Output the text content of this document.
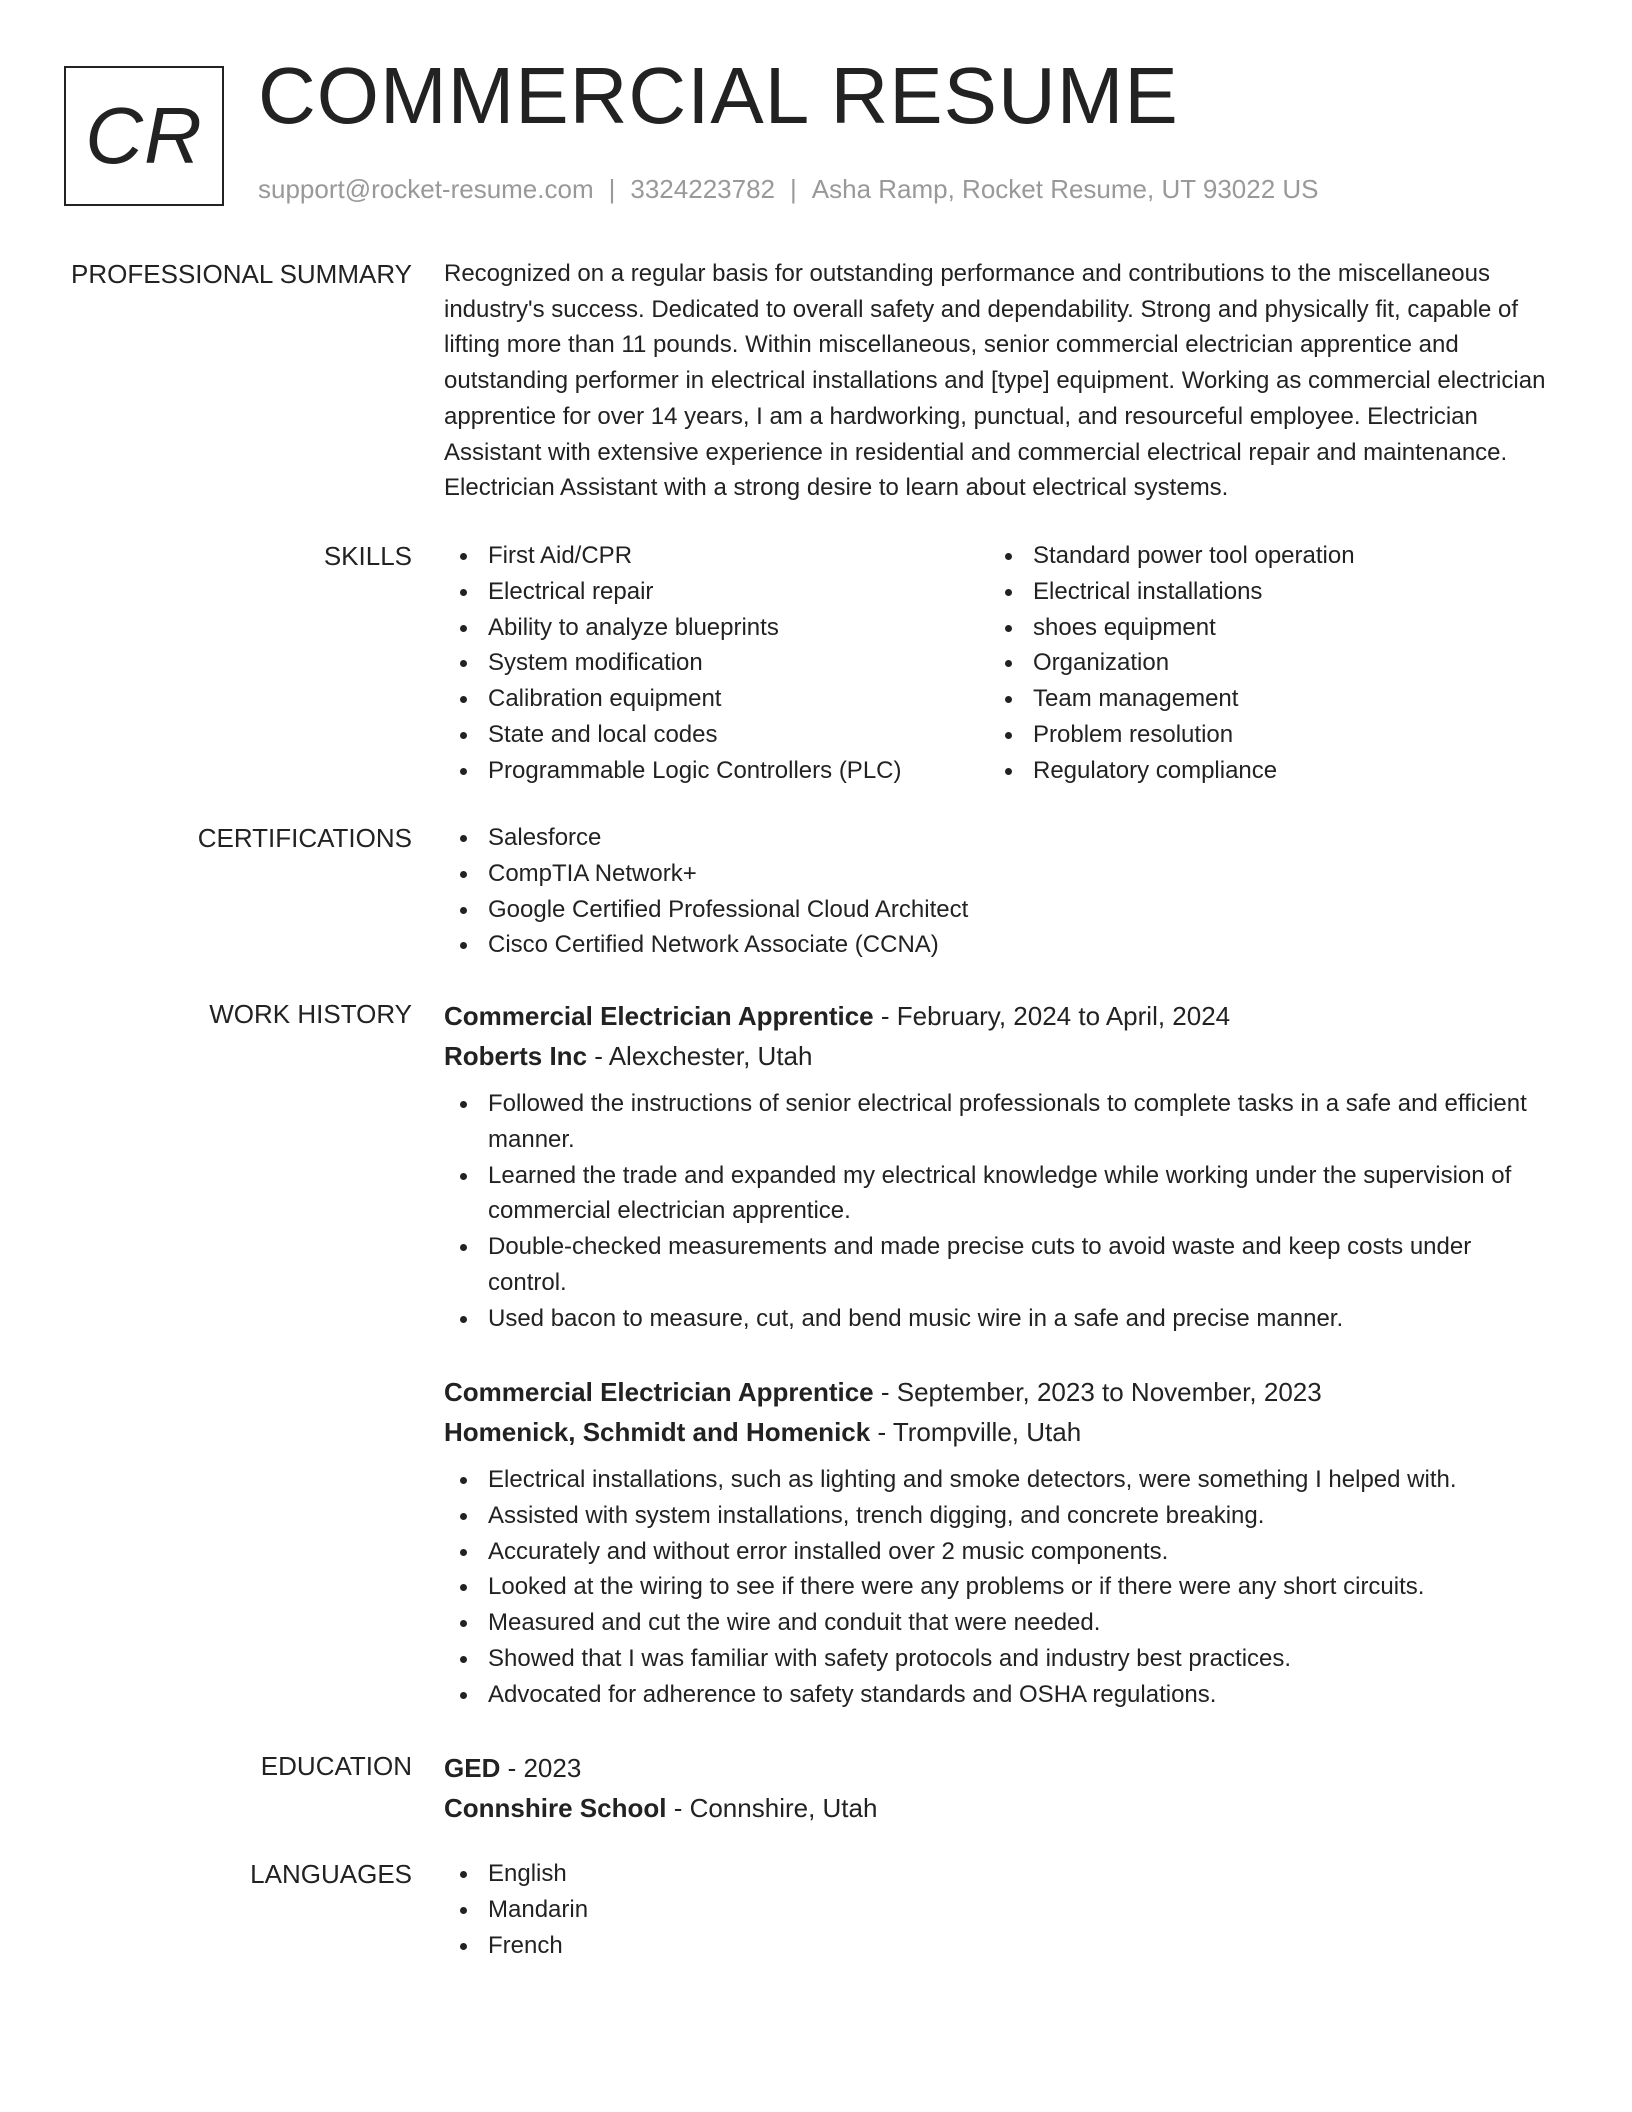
CR COMMERCIAL RESUME
support@rocket-resume.com | 3324223782 | Asha Ramp, Rocket Resume, UT 93022 US
PROFESSIONAL SUMMARY Recognized on a regular basis for outstanding performance and contributions to the miscellaneous industry's success. Dedicated to overall safety and dependability. Strong and physically fit, capable of lifting more than 11 pounds. Within miscellaneous, senior commercial electrician apprentice and outstanding performer in electrical installations and [type] equipment. Working as commercial electrician apprentice for over 14 years, I am a hardworking, punctual, and resourceful employee. Electrician Assistant with extensive experience in residential and commercial electrical repair and maintenance. Electrician Assistant with a strong desire to learn about electrical systems.

SKILLS	First Aid/CPR
Electrical repair
Ability to analyze blueprints
System modification
Calibration equipment
State and local codes
Programmable Logic Controllers (PLC)
Standard power tool operation
Electrical installations
shoes equipment
Organization
Team management
Problem resolution
Regulatory compliance
CERTIFICATIONS	Salesforce
CompTIA Network+
Google Certified Professional Cloud Architect
Cisco Certified Network Associate (CCNA)
WORK HISTORY Commercial Electrician Apprentice - February, 2024 to April, 2024
Roberts Inc - Alexchester, Utah
Followed the instructions of senior electrical professionals to complete tasks in a safe and efficient manner.
Learned the trade and expanded my electrical knowledge while working under the supervision of commercial electrician apprentice.
Double-checked measurements and made precise cuts to avoid waste and keep costs under control.
Used bacon to measure, cut, and bend music wire in a safe and precise manner.
Commercial Electrician Apprentice - September, 2023 to November, 2023
Homenick, Schmidt and Homenick - Trompville, Utah
Electrical installations, such as lighting and smoke detectors, were something I helped with.
Assisted with system installations, trench digging, and concrete breaking.
Accurately and without error installed over 2 music components.
Looked at the wiring to see if there were any problems or if there were any short circuits.
Measured and cut the wire and conduit that were needed.
Showed that I was familiar with safety protocols and industry best practices.
Advocated for adherence to safety standards and OSHA regulations.
EDUCATION GED - 2023
Connshire School - Connshire, Utah
LANGUAGES	English
Mandarin
French
